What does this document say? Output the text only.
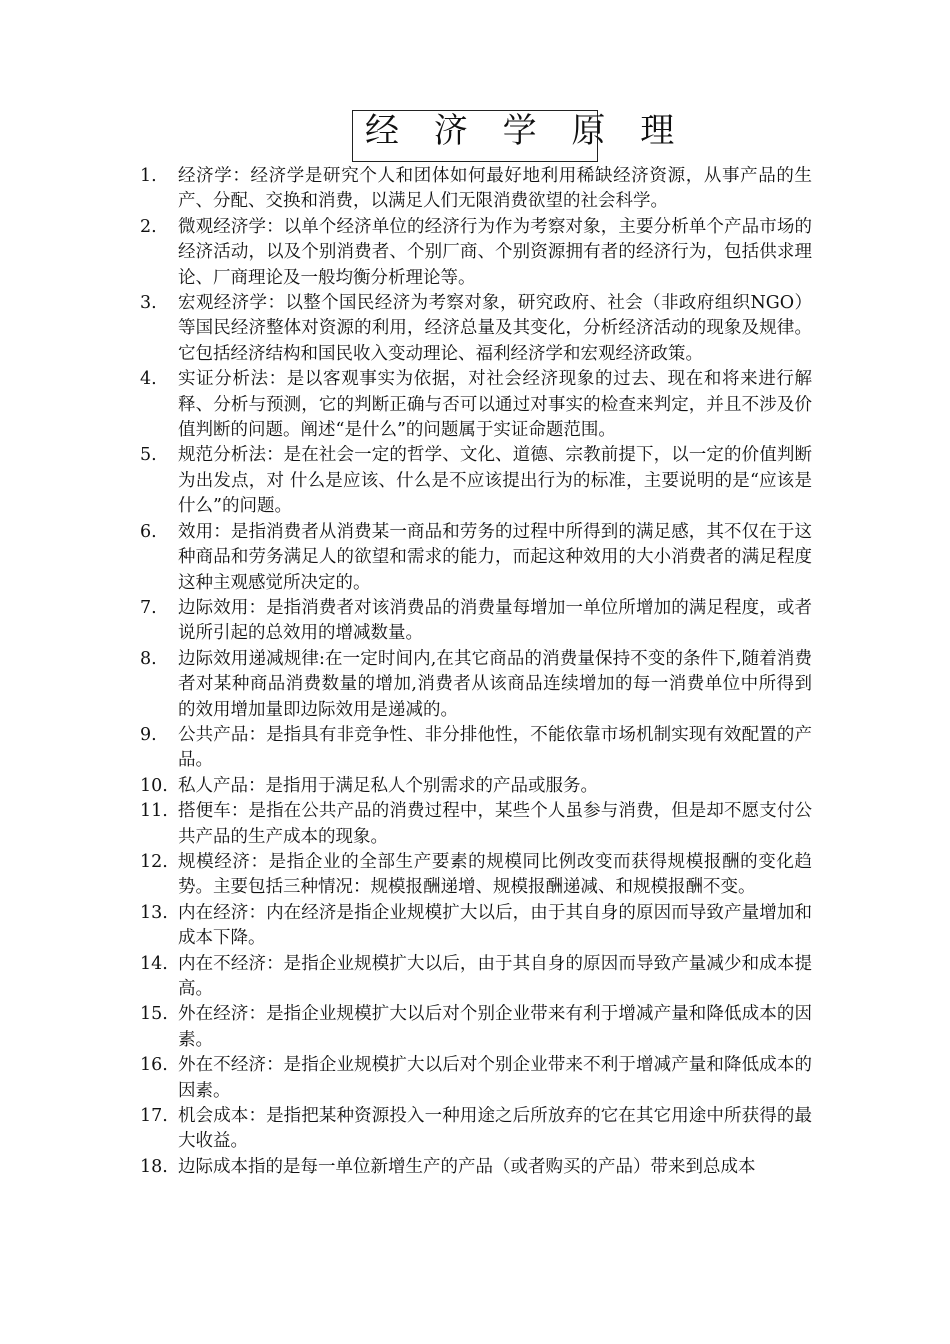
经 济 学 原 理
1.	经济学：经济学是研究个人和团体如何最好地利用稀缺经济资源，从事产品的生产、分配、交换和消费，以满足人们无限消费欲望的社会科学。
2.	微观经济学：以单个经济单位的经济行为作为考察对象，主要分析单个产品市场的经济活动，以及个别消费者、个别厂商、个别资源拥有者的经济行为，包括供求理论、厂商理论及一般均衡分析理论等。
3.	宏观经济学：以整个国民经济为考察对象，研究政府、社会（非政府组织NGO）等国民经济整体对资源的利用，经济总量及其变化，分析经济活动的现象及规律。它包括经济结构和国民收入变动理论、福利经济学和宏观经济政策。
4.	实证分析法：是以客观事实为依据，对社会经济现象的过去、现在和将来进行解释、分析与预测，它的判断正确与否可以通过对事实的检查来判定，并且不涉及价值判断的问题。阐述“是什么”的问题属于实证命题范围。
5.	规范分析法：是在社会一定的哲学、文化、道德、宗教前提下，以一定的价值判断为出发点，对 什么是应该、什么是不应该提出行为的标准，主要说明的是“应该是什么”的问题。
6.	效用：是指消费者从消费某一商品和劳务的过程中所得到的满足感，其不仅在于这种商品和劳务满足人的欲望和需求的能力，而起这种效用的大小消费者的满足程度这种主观感觉所决定的。
7.	边际效用：是指消费者对该消费品的消费量每增加一单位所增加的满足程度，或者说所引起的总效用的增减数量。
8.	边际效用递减规律:在一定时间内,在其它商品的消费量保持不变的条件下,随着消费者对某种商品消费数量的增加,消费者从该商品连续增加的每一消费单位中所得到的效用增加量即边际效用是递减的。
9.	公共产品：是指具有非竞争性、非分排他性，不能依靠市场机制实现有效配置的产品。
10. 私人产品：是指用于满足私人个别需求的产品或服务。
11. 搭便车：是指在公共产品的消费过程中，某些个人虽参与消费，但是却不愿支付公共产品的生产成本的现象。
12. 规模经济：是指企业的全部生产要素的规模同比例改变而获得规模报酬的变化趋势。主要包括三种情况：规模报酬递增、规模报酬递减、和规模报酬不变。
13. 内在经济：内在经济是指企业规模扩大以后，由于其自身的原因而导致产量增加和成本下降。
14. 内在不经济：是指企业规模扩大以后，由于其自身的原因而导致产量减少和成本提高。
15. 外在经济：是指企业规模扩大以后对个别企业带来有利于增减产量和降低成本的因素。
16. 外在不经济：是指企业规模扩大以后对个别企业带来不利于增减产量和降低成本的因素。
17. 机会成本：是指把某种资源投入一种用途之后所放弃的它在其它用途中所获得的最大收益。
18. 边际成本指的是每一单位新增生产的产品（或者购买的产品）带来到总成本
